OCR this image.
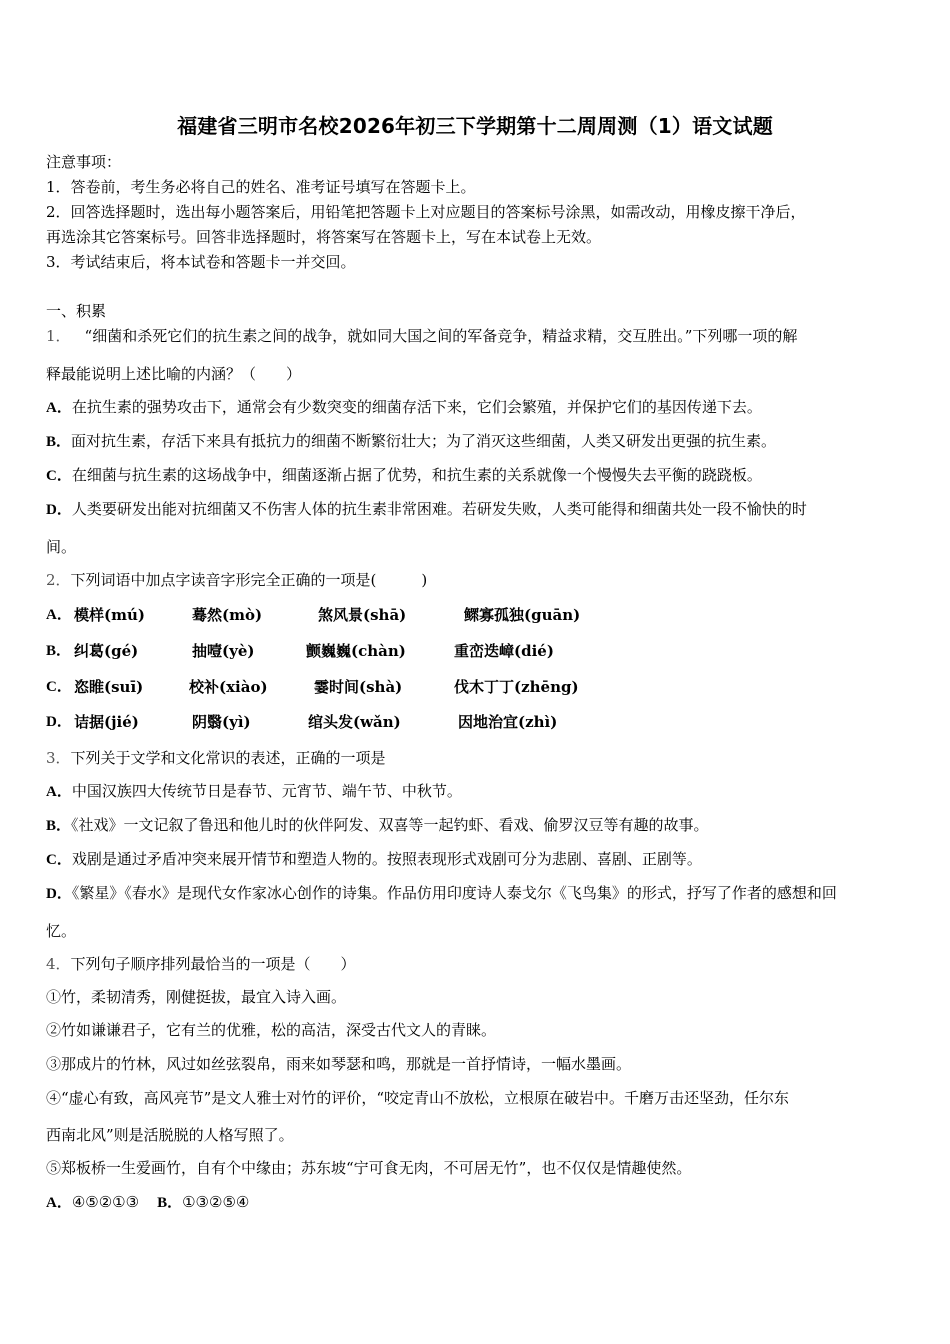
福建省三明市名校2026年初三下学期第十二周周测（1）语文试题
注意事项：
1．答卷前，考生务必将自己的姓名、准考证号填写在答题卡上。
2．回答选择题时，选出每小题答案后，用铅笔把答题卡上对应题目的答案标号涂黑，如需改动，用橡皮擦干净后，
再选涂其它答案标号。回答非选择题时，将答案写在答题卡上，写在本试卷上无效。
3．考试结束后，将本试卷和答题卡一并交回。
一、积累
1． “细菌和杀死它们的抗生素之间的战争，就如同大国之间的军备竞争，精益求精，交互胜出。”下列哪一项的解
释最能说明上述比喻的内涵？（　　）
A．在抗生素的强势攻击下，通常会有少数突变的细菌存活下来，它们会繁殖，并保护它们的基因传递下去。
B．面对抗生素，存活下来具有抵抗力的细菌不断繁衍壮大；为了消灭这些细菌，人类又研发出更强的抗生素。
C．在细菌与抗生素的这场战争中，细菌逐渐占据了优势，和抗生素的关系就像一个慢慢失去平衡的跷跷板。
D．人类要研发出能对抗细菌又不伤害人体的抗生素非常困难。若研发失败，人类可能得和细菌共处一段不愉快的时
间。
2．下列词语中加点字读音字形完全正确的一项是(　　　)
A． 模样(mú)	蓦然(mò)	煞风景(shā)	鳏寡孤独(guān)
B． 纠葛(gé)	抽噎(yè)	颤巍巍(chàn)	重峦迭嶂(dié)
C． 恣睢(suī)	校补(xiào)	霎时间(shà)	伐木丁丁(zhēng)
D． 诘据(jié)	阴翳(yì)	绾头发(wǎn)	因地治宜(zhì)
3．下列关于文学和文化常识的表述，正确的一项是
A．中国汉族四大传统节日是春节、元宵节、端午节、中秋节。
B．《社戏》一文记叙了鲁迅和他儿时的伙伴阿发、双喜等一起钓虾、看戏、偷罗汉豆等有趣的故事。
C．戏剧是通过矛盾冲突来展开情节和塑造人物的。按照表现形式戏剧可分为悲剧、喜剧、正剧等。
D．《繁星》《春水》是现代女作家冰心创作的诗集。作品仿用印度诗人泰戈尔《飞鸟集》的形式，抒写了作者的感想和回
忆。
4．下列句子顺序排列最恰当的一项是（　　）
①竹，柔韧清秀，刚健挺拔，最宜入诗入画。
②竹如谦谦君子，它有兰的优雅，松的高洁，深受古代文人的青睐。
③那成片的竹林，风过如丝弦裂帛，雨来如琴瑟和鸣，那就是一首抒情诗，一幅水墨画。
④“虚心有致，高风亮节”是文人雅士对竹的评价，“咬定青山不放松，立根原在破岩中。千磨万击还坚劲，任尔东
西南北风”则是活脱脱的人格写照了。
⑤郑板桥一生爱画竹，自有个中缘由；苏东坡“宁可食无肉，不可居无竹”，也不仅仅是情趣使然。
A．④⑤②①③ B．①③②⑤④
